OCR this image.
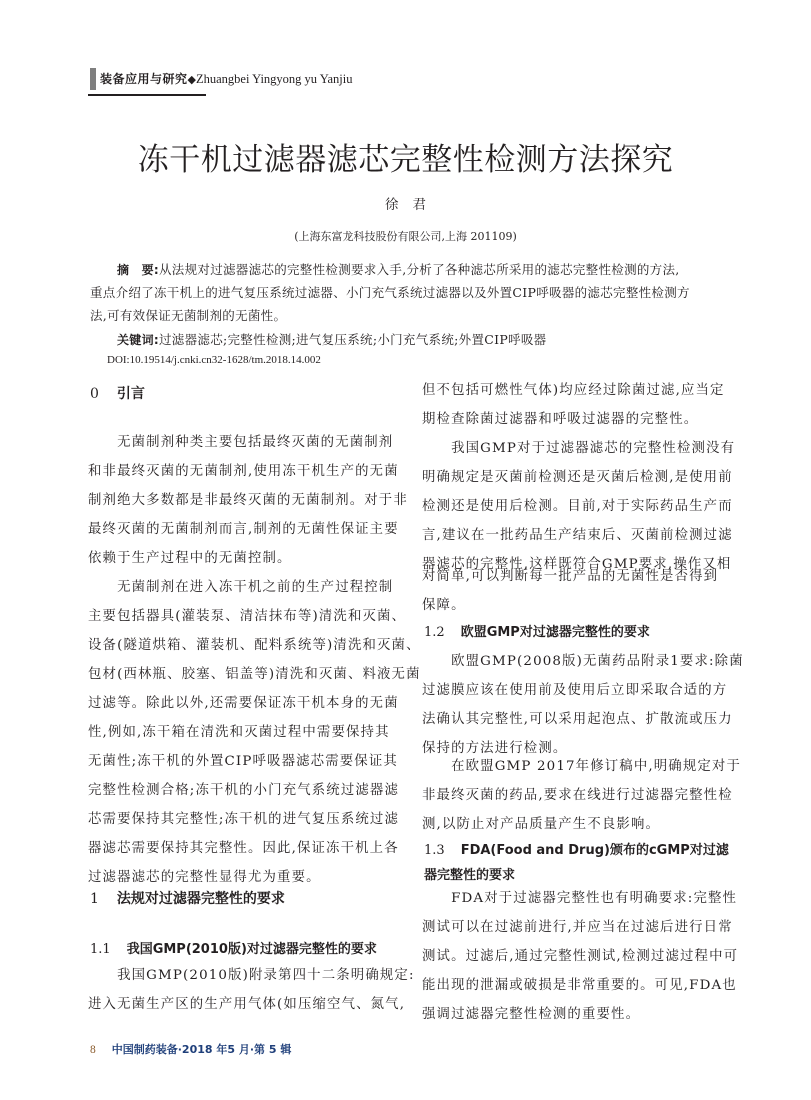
装备应用与研究◆Zhuangbei Yingyong yu Yanjiu
冻干机过滤器滤芯完整性检测方法探究
徐君
(上海东富龙科技股份有限公司,上海 201109)
摘　要:从法规对过滤器滤芯的完整性检测要求入手,分析了各种滤芯所采用的滤芯完整性检测的方法,
重点介绍了冻干机上的进气复压系统过滤器、小门充气系统过滤器以及外置CIP呼吸器的滤芯完整性检测方
法,可有效保证无菌制剂的无菌性。
关键词:过滤器滤芯;完整性检测;进气复压系统;小门充气系统;外置CIP呼吸器
DOI:10.19514/j.cnki.cn32-1628/tm.2018.14.002
0 引言
　　无菌制剂种类主要包括最终灭菌的无菌制剂
和非最终灭菌的无菌制剂,使用冻干机生产的无菌
制剂绝大多数都是非最终灭菌的无菌制剂。对于非
最终灭菌的无菌制剂而言,制剂的无菌性保证主要
依赖于生产过程中的无菌控制。
　　无菌制剂在进入冻干机之前的生产过程控制
主要包括器具(灌装泵、清洁抹布等)清洗和灭菌、
设备(隧道烘箱、灌装机、配料系统等)清洗和灭菌、
包材(西林瓶、胶塞、铝盖等)清洗和灭菌、料液无菌
过滤等。除此以外,还需要保证冻干机本身的无菌
性,例如,冻干箱在清洗和灭菌过程中需要保持其
无菌性;冻干机的外置CIP呼吸器滤芯需要保证其
完整性检测合格;冻干机的小门充气系统过滤器滤
芯需要保持其完整性;冻干机的进气复压系统过滤
器滤芯需要保持其完整性。因此,保证冻干机上各
过滤器滤芯的完整性显得尤为重要。
1 法规对过滤器完整性的要求
1.1 我国GMP(2010版)对过滤器完整性的要求
　　我国GMP(2010版)附录第四十二条明确规定:
进入无菌生产区的生产用气体(如压缩空气、氮气,
但不包括可燃性气体)均应经过除菌过滤,应当定
期检查除菌过滤器和呼吸过滤器的完整性。
　　我国GMP对于过滤器滤芯的完整性检测没有
明确规定是灭菌前检测还是灭菌后检测,是使用前
检测还是使用后检测。目前,对于实际药品生产而
言,建议在一批药品生产结束后、灭菌前检测过滤
器滤芯的完整性,这样既符合GMP要求,操作又相
对简单,可以判断每一批产品的无菌性是否得到
保障。
1.2 欧盟GMP对过滤器完整性的要求
　　欧盟GMP(2008版)无菌药品附录1要求:除菌
过滤膜应该在使用前及使用后立即采取合适的方
法确认其完整性,可以采用起泡点、扩散流或压力
保持的方法进行检测。
　　在欧盟GMP 2017年修订稿中,明确规定对于
非最终灭菌的药品,要求在线进行过滤器完整性检
测,以防止对产品质量产生不良影响。
1.3 FDA(Food and Drug)颁布的cGMP对过滤
器完整性的要求
　　FDA对于过滤器完整性也有明确要求:完整性
测试可以在过滤前进行,并应当在过滤后进行日常
测试。过滤后,通过完整性测试,检测过滤过程中可
能出现的泄漏或破损是非常重要的。可见,FDA也
强调过滤器完整性检测的重要性。
8 中国制药装备·2018 年5 月·第 5 辑
